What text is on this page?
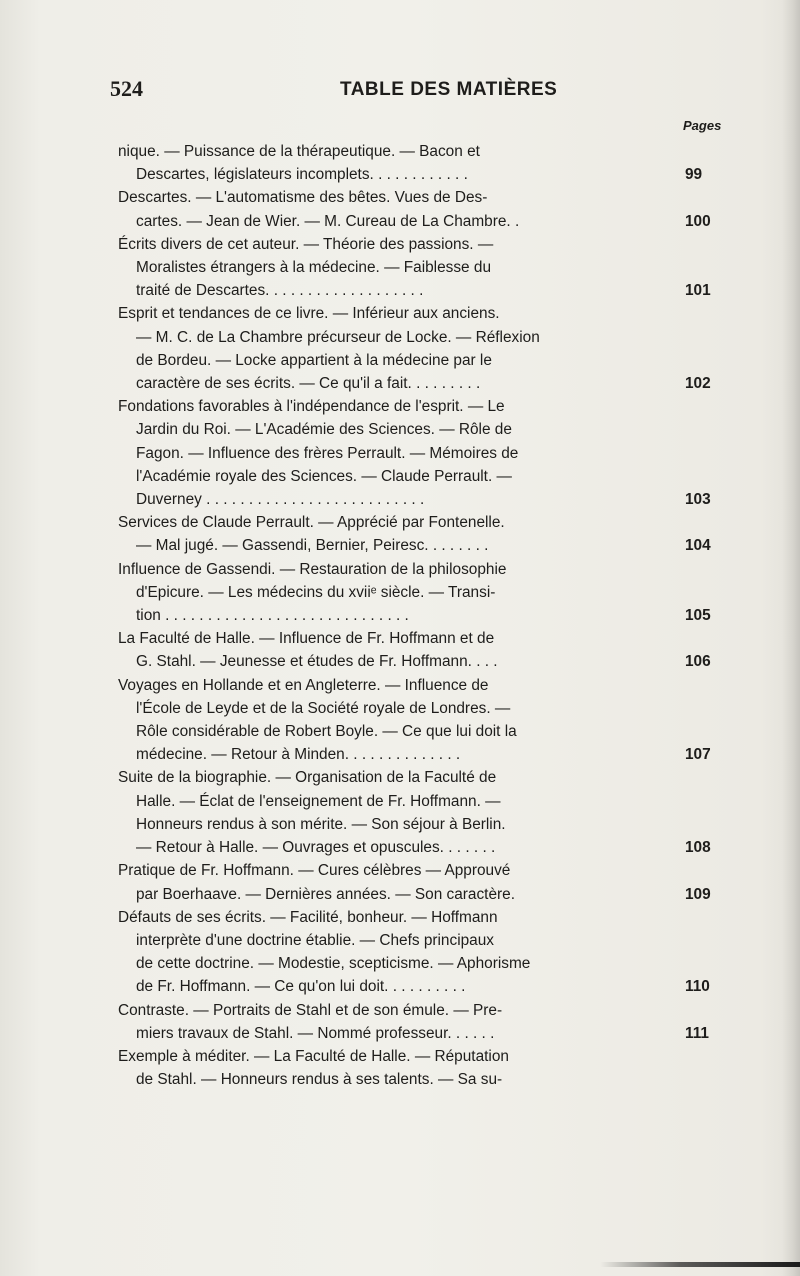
524	TABLE DES MATIÈRES
Pages
nique. — Puissance de la thérapeutique. — Bacon et
Descartes, législateurs incomplets. . . . . . . . . . . .	99
Descartes. — L'automatisme des bêtes. Vues de Des-
cartes. — Jean de Wier. — M. Cureau de La Chambre. .	100
Écrits divers de cet auteur. — Théorie des passions. —
Moralistes étrangers à la médecine. — Faiblesse du
traité de Descartes. . . . . . . . . . . . . . . . . . .	101
Esprit et tendances de ce livre. — Inférieur aux anciens.
— M. C. de La Chambre précurseur de Locke. — Réflexion
de Bordeu. — Locke appartient à la médecine par le
caractère de ses écrits. — Ce qu'il a fait. . . . . . . . .	102
Fondations favorables à l'indépendance de l'esprit. — Le
Jardin du Roi. — L'Académie des Sciences. — Rôle de
Fagon. — Influence des frères Perrault. — Mémoires de
l'Académie royale des Sciences. — Claude Perrault. —
Duverney . . . . . . . . . . . . . . . . . . . . . . . . . .	103
Services de Claude Perrault. — Apprécié par Fontenelle.
— Mal jugé. — Gassendi, Bernier, Peiresc. . . . . . . .	104
Influence de Gassendi. — Restauration de la philosophie
d'Epicure. — Les médecins du xviiᵉ siècle. — Transi-
tion . . . . . . . . . . . . . . . . . . . . . . . . . . . . .	105
La Faculté de Halle. — Influence de Fr. Hoffmann et de
G. Stahl. — Jeunesse et études de Fr. Hoffmann. . . .	106
Voyages en Hollande et en Angleterre. — Influence de
l'École de Leyde et de la Société royale de Londres. —
Rôle considérable de Robert Boyle. — Ce que lui doit la
médecine. — Retour à Minden. . . . . . . . . . . . . .	107
Suite de la biographie. — Organisation de la Faculté de
Halle. — Éclat de l'enseignement de Fr. Hoffmann. —
Honneurs rendus à son mérite. — Son séjour à Berlin.
— Retour à Halle. — Ouvrages et opuscules. . . . . . .	108
Pratique de Fr. Hoffmann. — Cures célèbres — Approuvé
par Boerhaave. — Dernières années. — Son caractère.	109
Défauts de ses écrits. — Facilité, bonheur. — Hoffmann
interprète d'une doctrine établie. — Chefs principaux
de cette doctrine. — Modestie, scepticisme. — Aphorisme
de Fr. Hoffmann. — Ce qu'on lui doit. . . . . . . . . .	110
Contraste. — Portraits de Stahl et de son émule. — Pre-
miers travaux de Stahl. — Nommé professeur. . . . . .	111
Exemple à méditer. — La Faculté de Halle. — Réputation
de Stahl. — Honneurs rendus à ses talents. — Sa su-
